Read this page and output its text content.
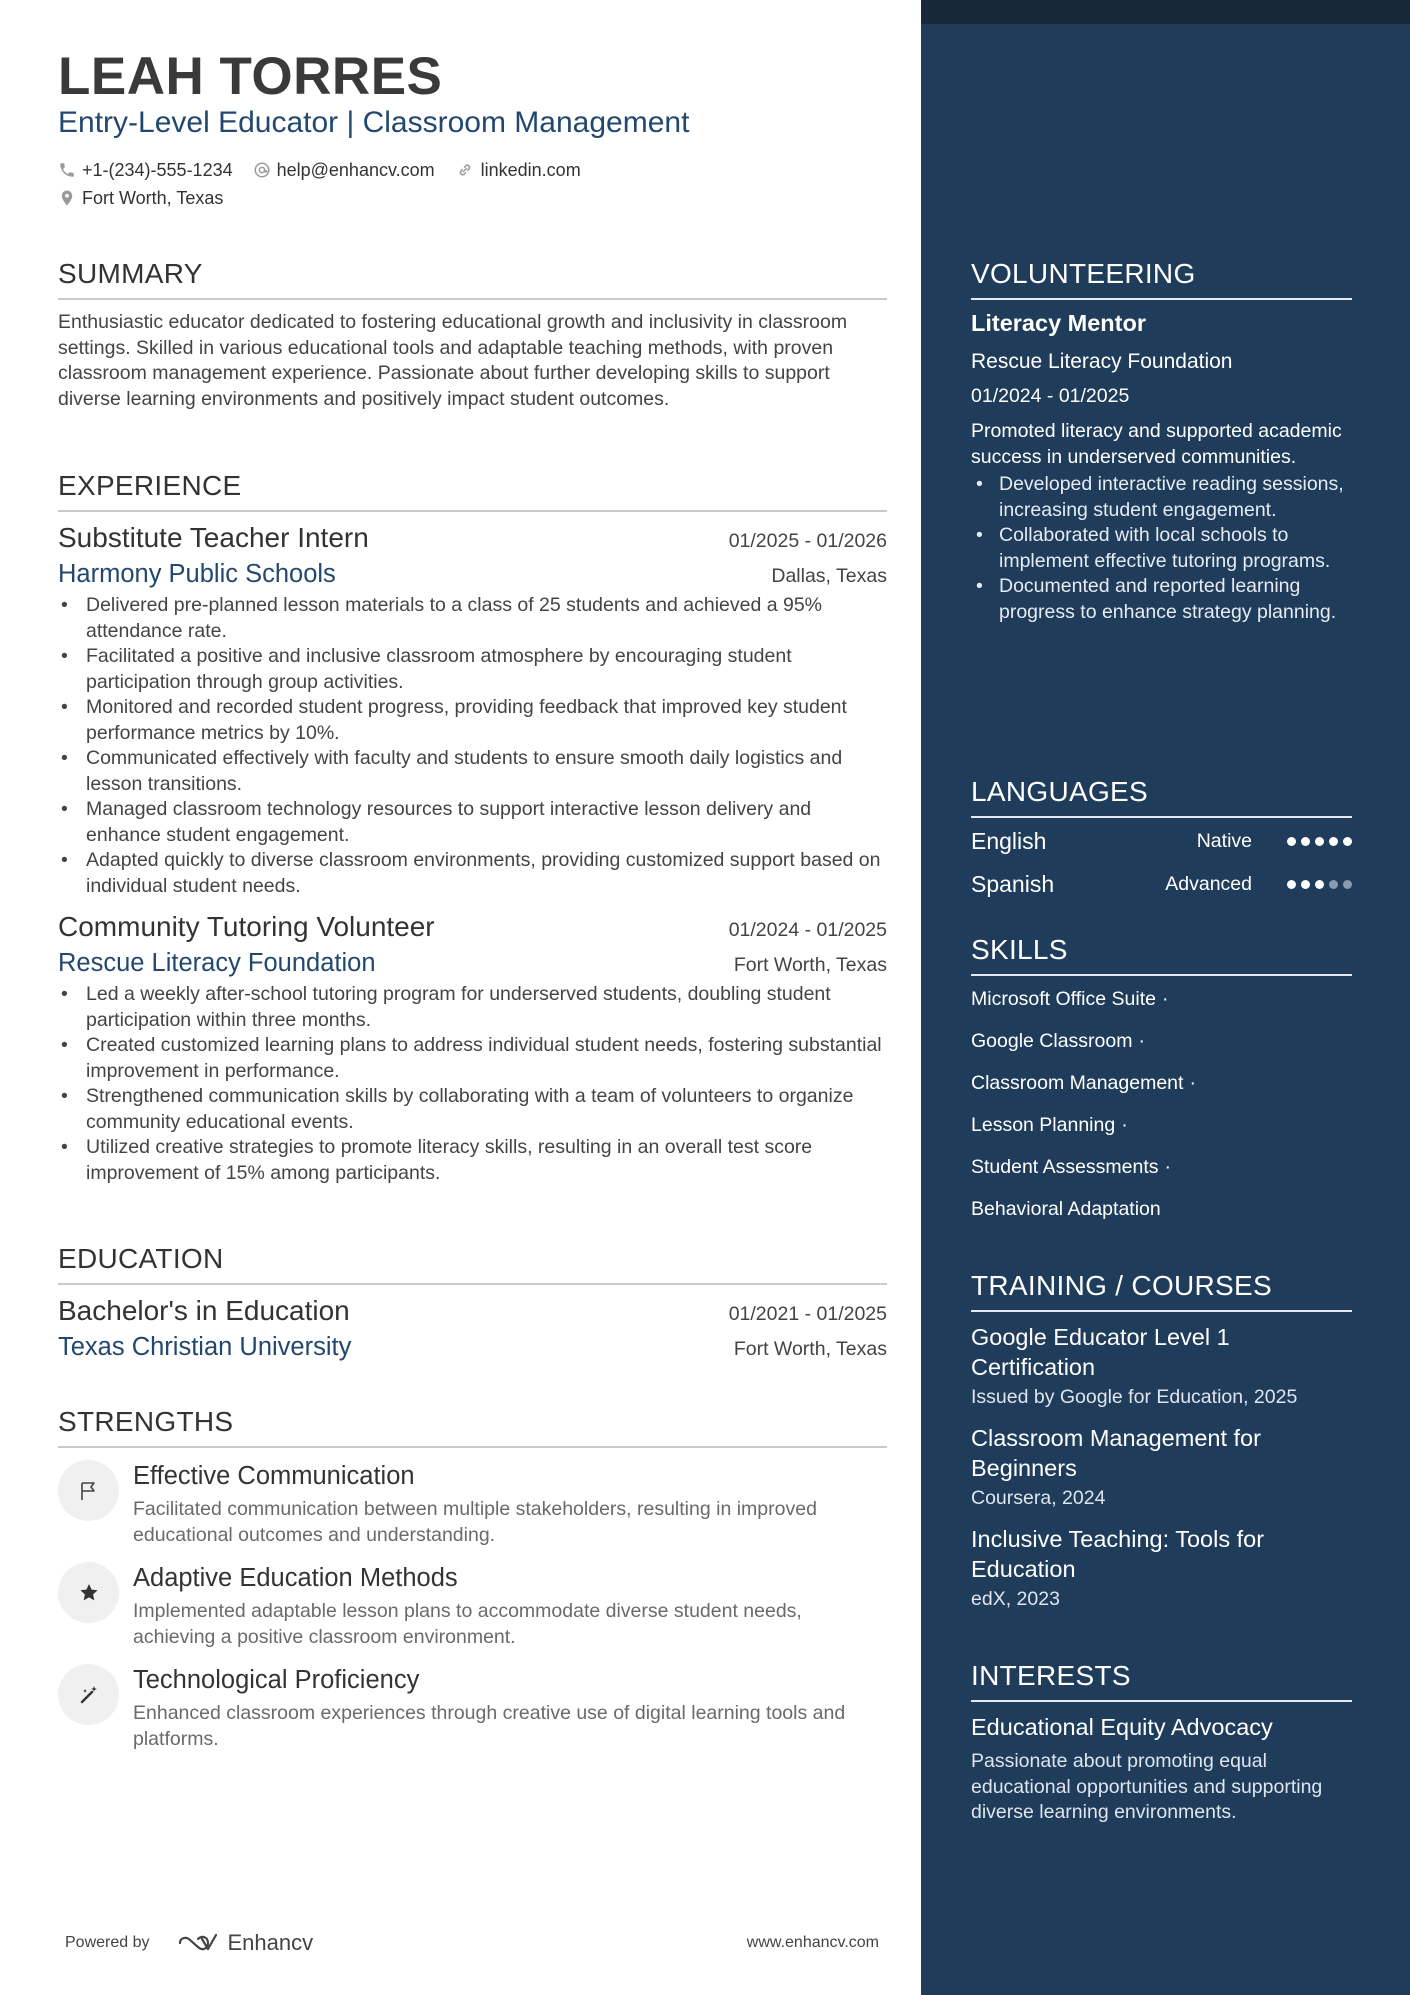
LEAH TORRES
Entry-Level Educator | Classroom Management
+1-(234)-555-1234 help@enhancv.com	linkedin.com
Fort Worth, Texas
SUMMARY
Enthusiastic educator dedicated to fostering educational growth and inclusivity in classroom settings. Skilled in various educational tools and adaptable teaching methods, with proven classroom management experience. Passionate about further developing skills to support diverse learning environments and positively impact student outcomes.
EXPERIENCE
Substitute Teacher Intern	01/2025 - 01/2026
Harmony Public Schools	Dallas, Texas
• Delivered pre-planned lesson materials to a class of 25 students and achieved a 95% attendance rate.
• Facilitated a positive and inclusive classroom atmosphere by encouraging student participation through group activities.
• Monitored and recorded student progress, providing feedback that improved key student performance metrics by 10%.
• Communicated effectively with faculty and students to ensure smooth daily logistics and lesson transitions.
• Managed classroom technology resources to support interactive lesson delivery and enhance student engagement.
• Adapted quickly to diverse classroom environments, providing customized support based on individual student needs.
Community Tutoring Volunteer	01/2024 - 01/2025
Rescue Literacy Foundation	Fort Worth, Texas
• Led a weekly after-school tutoring program for underserved students, doubling student participation within three months.
• Created customized learning plans to address individual student needs, fostering substantial improvement in performance.
• Strengthened communication skills by collaborating with a team of volunteers to organize community educational events.
• Utilized creative strategies to promote literacy skills, resulting in an overall test score improvement of 15% among participants.
EDUCATION
Bachelor's in Education	01/2021 - 01/2025
Texas Christian University	Fort Worth, Texas
STRENGTHS
Effective Communication
Facilitated communication between multiple stakeholders, resulting in improved educational outcomes and understanding.
Adaptive Education Methods
Implemented adaptable lesson plans to accommodate diverse student needs, achieving a positive classroom environment.
Technological Proficiency
Enhanced classroom experiences through creative use of digital learning tools and platforms.
Powered by	Enhancv	www.enhancv.com
VOLUNTEERING
Literacy Mentor
Rescue Literacy Foundation
01/2024 - 01/2025
Promoted literacy and supported academic success in underserved communities.
• Developed interactive reading sessions, increasing student engagement.
• Collaborated with local schools to implement effective tutoring programs.
• Documented and reported learning progress to enhance strategy planning.
LANGUAGES
English	Native
Spanish	Advanced
SKILLS
Microsoft Office Suite ·
Google Classroom ·
Classroom Management ·
Lesson Planning ·
Student Assessments ·
Behavioral Adaptation
TRAINING / COURSES
Google Educator Level 1 Certification
Issued by Google for Education, 2025
Classroom Management for Beginners
Coursera, 2024
Inclusive Teaching: Tools for Education
edX, 2023
INTERESTS
Educational Equity Advocacy
Passionate about promoting equal educational opportunities and supporting diverse learning environments.
